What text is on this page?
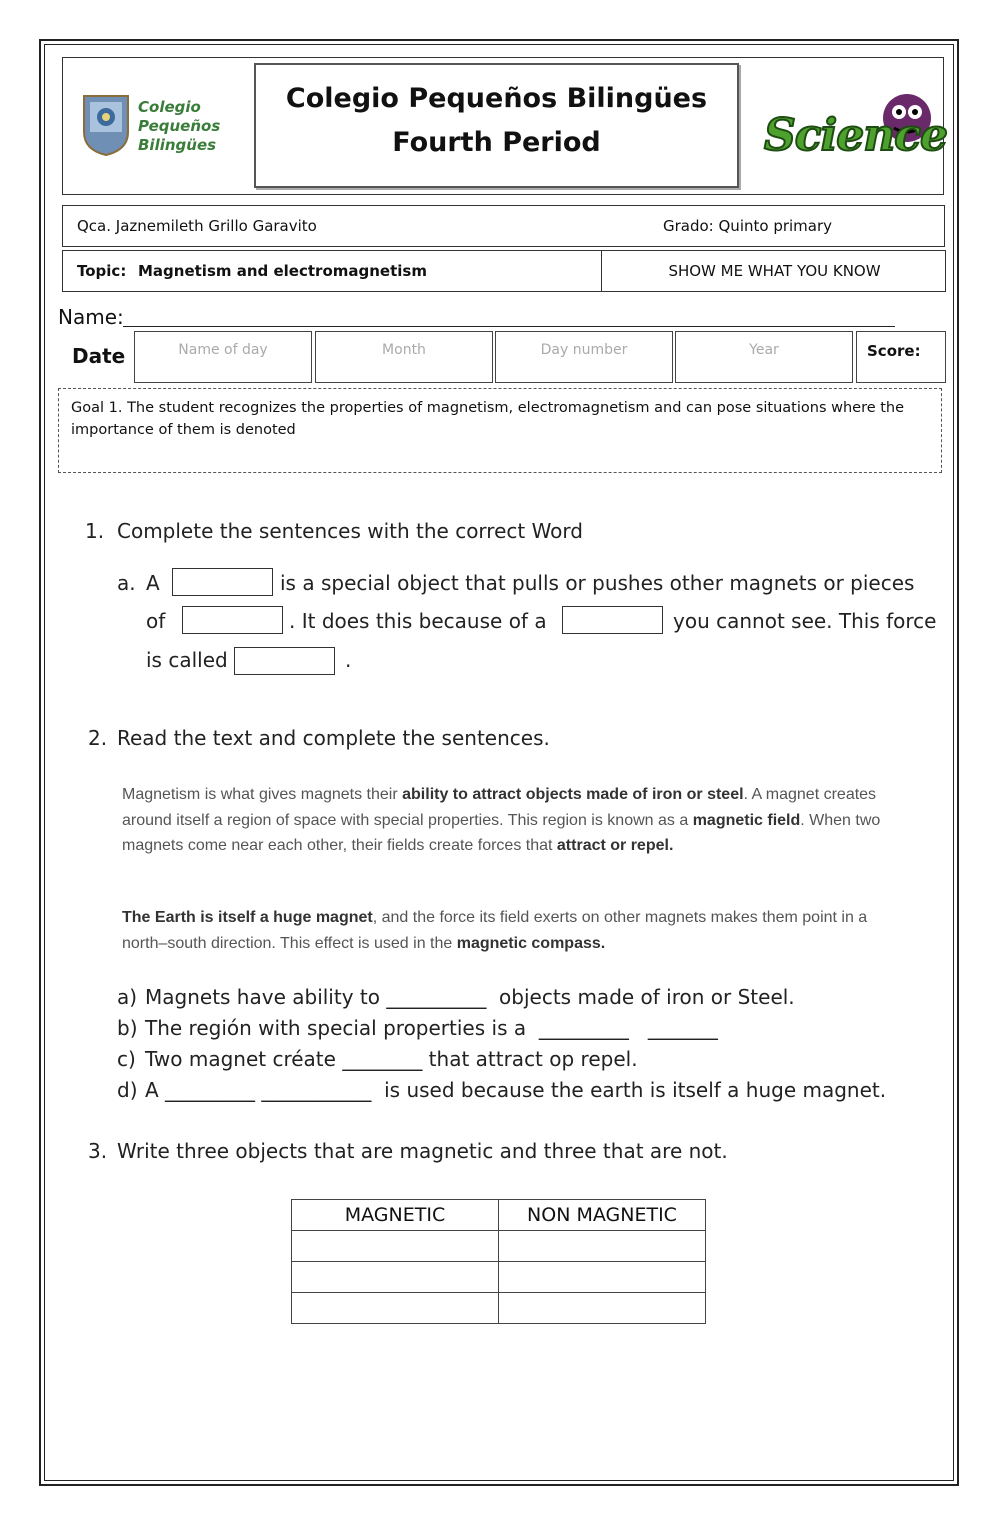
Colegio Pequeños Bilingües
Colegio Pequeños Bilingües
Fourth Period	Science
Qca. Jaznemileth Grillo Garavito	Grado: Quinto primary
Topic: Magnetism and electromagnetism	SHOW ME WHAT YOU KNOW
Name:
Date	Name of day	Month	Day number	Year	Score:
Goal 1. The student recognizes the properties of magnetism, electromagnetism and can pose situations where the importance of them is denoted
1. Complete the sentences with the correct Word
a. A	is a special object that pulls or pushes other magnets or pieces
of	. It does this because of a	you cannot see. This force
is called	.
2. Read the text and complete the sentences.
Magnetism is what gives magnets their ability to attract objects made of iron or steel. A magnet creates around itself a region of space with special properties. This region is known as a magnetic field. When two magnets come near each other, their fields create forces that attract or repel.
The Earth is itself a huge magnet, and the force its field exerts on other magnets makes them point in a north–south direction. This effect is used in the magnetic compass.
a) Magnets have ability to __________  objects made of iron or Steel.
b) The región with special properties is a  _________   _______
c) Two magnet créate ________ that attract op repel.
d) A _________ ___________  is used because the earth is itself a huge magnet.
3. Write three objects that are magnetic and three that are not.
MAGNETIC	NON MAGNETIC
